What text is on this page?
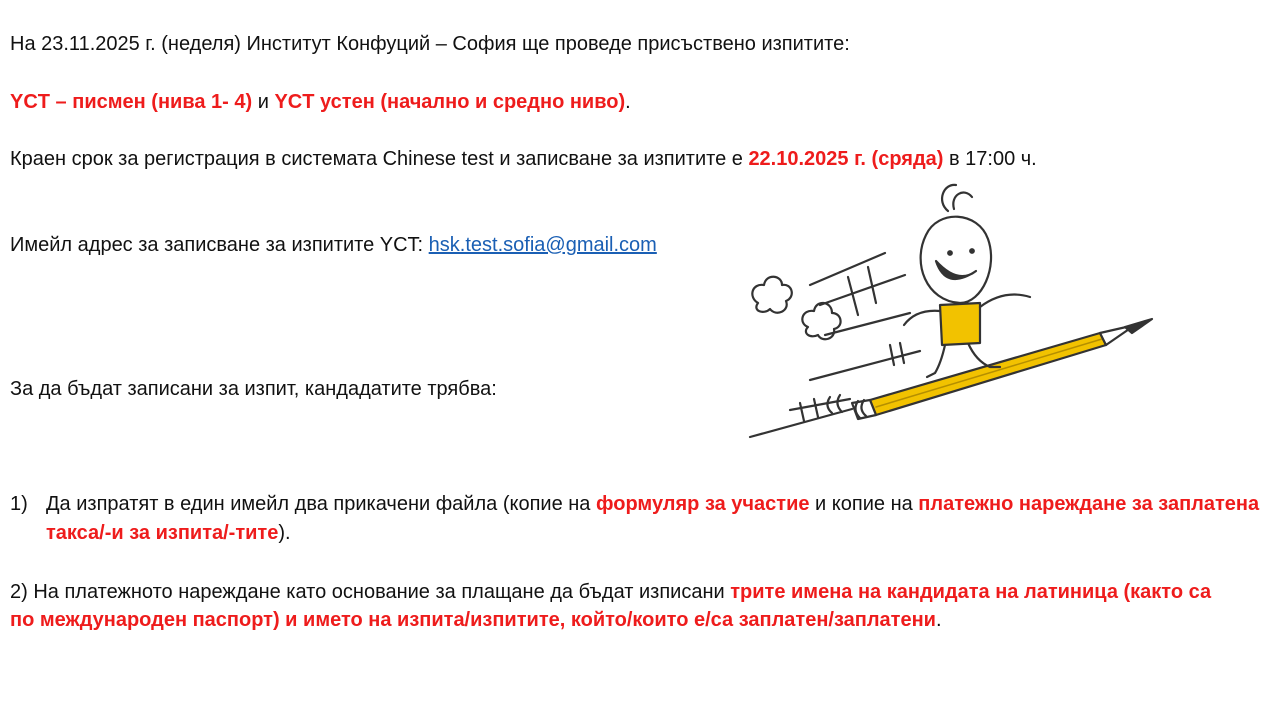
На 23.11.2025 г. (неделя) Институт Конфуций – София ще проведе присъствено изпитите:
YCT – писмен (нива 1- 4) и YCT устен (начално и средно ниво).
Краен срок за регистрация в системата Chinese test и записване за изпитите е 22.10.2025 г. (сряда) в 17:00 ч.
Имейл адрес за записване за изпитите YCT: hsk.test.sofia@gmail.com
За да бъдат записани за изпит, кандадатите трябва:
1) Да изпратят в един имейл два прикачени файла (копие на формуляр за участие и копие на платежно нареждане за заплатена такса/-и за изпита/-тите).
2) На платежното нареждане като основание за плащане да бъдат изписани трите имена на кандидата на латиница (както са по международен паспорт) и името на изпита/изпитите, който/които е/са заплатен/заплатени.
